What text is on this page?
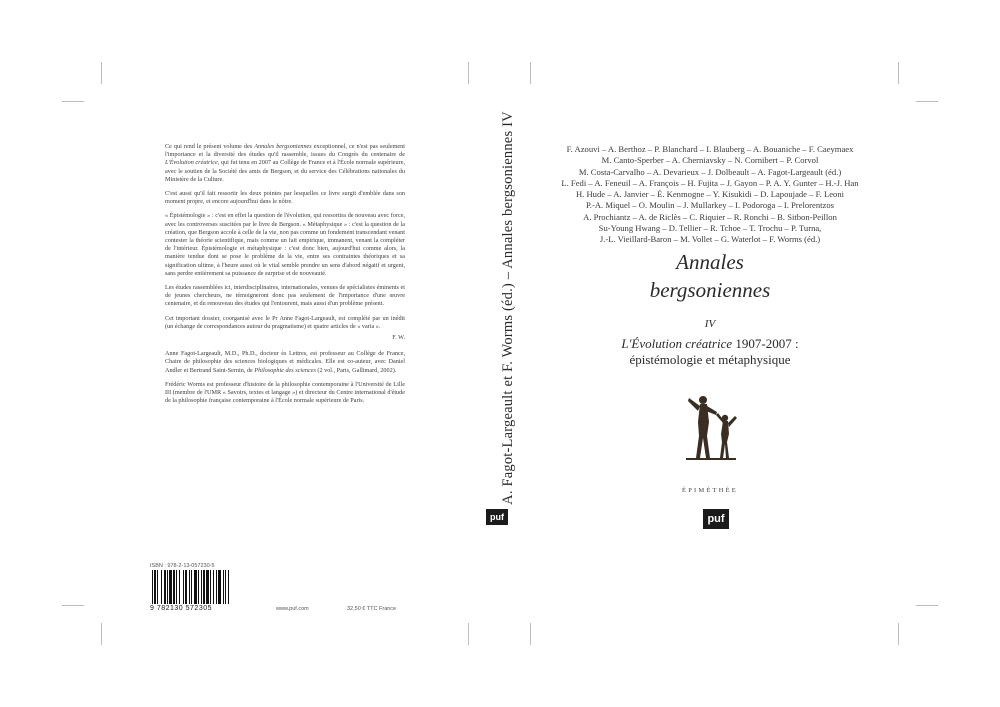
Ce qui rend le présent volume des Annales bergsoniennes exceptionnel, ce n'est pas seulement l'importance et la diversité des études qu'il rassemble, issues du Congrès du centenaire de L'Évolution créatrice, qui fut tenu en 2007 au Collège de France et à l'École normale supérieure, avec le soutien de la Société des amis de Bergson, et du service des Célébrations nationales du Ministère de la Culture.

C'est aussi qu'il fait ressortir les deux pointes par lesquelles ce livre surgit d'emblée dans son moment propre, et encore aujourd'hui dans le nôtre.

« Épistémologie » : c'est en effet la question de l'évolution, qui ressortira de nouveau avec force, avec les controverses suscitées par le livre de Bergson. « Métaphysique » : c'est la question de la création, que Bergson accole à celle de la vie, non pas comme un fondement transcendant venant contester la théorie scientifique, mais comme un fait empirique, immanent, venant la compléter de l'intérieur. Épistémologie et métaphysique : c'est donc bien, aujourd'hui comme alors, la manière tendue dont se pose le problème de la vie, entre ses contraintes théoriques et sa signification ultime, à l'heure aussi où le vital semble prendre un sens d'abord négatif et urgent, sans perdre entièrement sa puissance de surprise et de nouveauté.

Les études rassemblées ici, interdisciplinaires, internationales, venues de spécialistes éminents et de jeunes chercheurs, ne témoigneront donc pas seulement de l'importance d'une œuvre centenaire, et du renouveau des études qui l'entourent, mais aussi d'un problème présent.

Cet important dossier, coorganisé avec le Pr Anne Fagot-Largeault, est complété par un inédit (un échange de correspondances autour du pragmatisme) et quatre articles de « varia ».

F. W.

Anne Fagot-Largeault, M.D., Ph.D., docteur ès Lettres, est professeur au Collège de France, Chaire de philosophie des sciences biologiques et médicales. Elle est co-auteur, avec Daniel Andler et Bertrand Saint-Sernin, de Philosophie des sciences (2 vol., Paris, Gallimard, 2002).

Frédéric Worms est professeur d'histoire de la philosophie contemporaine à l'Université de Lille III (membre de l'UMR « Savoirs, textes et langage ») et directeur du Centre international d'étude de la philosophie française contemporaine à l'École normale supérieure de Paris.

ISBN : 978-2-13-057230-5
9 782130 572305	www.puf.com	32,50 € TTC France
A. Fagot-Largeault et F. Worms (éd.) – Annales bergsoniennes IV
puf
F. Azouvi – A. Berthoz – P. Blanchard – I. Blauberg – A. Bouaniche – F. Caeymaex
M. Canto-Sperber – A. Cherniavsky – N. Cornibert – P. Corvol
M. Costa-Carvalho – A. Devarieux – J. Dolbeault – A. Fagot-Largeault (éd.)
L. Fedi – A. Feneuil – A. François – H. Fujita – J. Gayon – P. A. Y. Gunter – H.-J. Han
H. Hude – A. Janvier – É. Kenmogne – Y. Kisukidi – D. Lapoujade – F. Leoni
P.-A. Miquel – O. Moulin – J. Mullarkey – I. Podoroga – I. Prelorentzos
A. Prochiantz – A. de Riclès – C. Riquier – R. Ronchi – B. Sitbon-Peillon
Su-Young Hwang – D. Tellier – R. Tchoe – T. Trochu – P. Turna,
J.-L. Vieillard-Baron – M. Vollet – G. Waterlot – F. Worms (éd.)
Annales
bergsoniennes
IV
L'Évolution créatrice 1907-2007 :
épistémologie et métaphysique
ÉPIMÉTHÉE
puf
